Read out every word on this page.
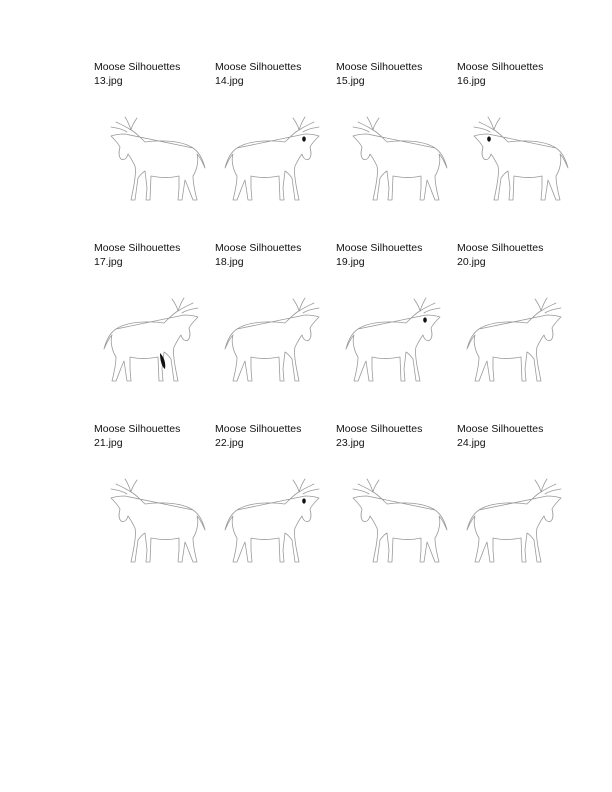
Moose Silhouettes
13.jpg
Moose Silhouettes
14.jpg
Moose Silhouettes
15.jpg
Moose Silhouettes
16.jpg
Moose Silhouettes
17.jpg
Moose Silhouettes
18.jpg
Moose Silhouettes
19.jpg
Moose Silhouettes
20.jpg
Moose Silhouettes
21.jpg
Moose Silhouettes
22.jpg
Moose Silhouettes
23.jpg
Moose Silhouettes
24.jpg
